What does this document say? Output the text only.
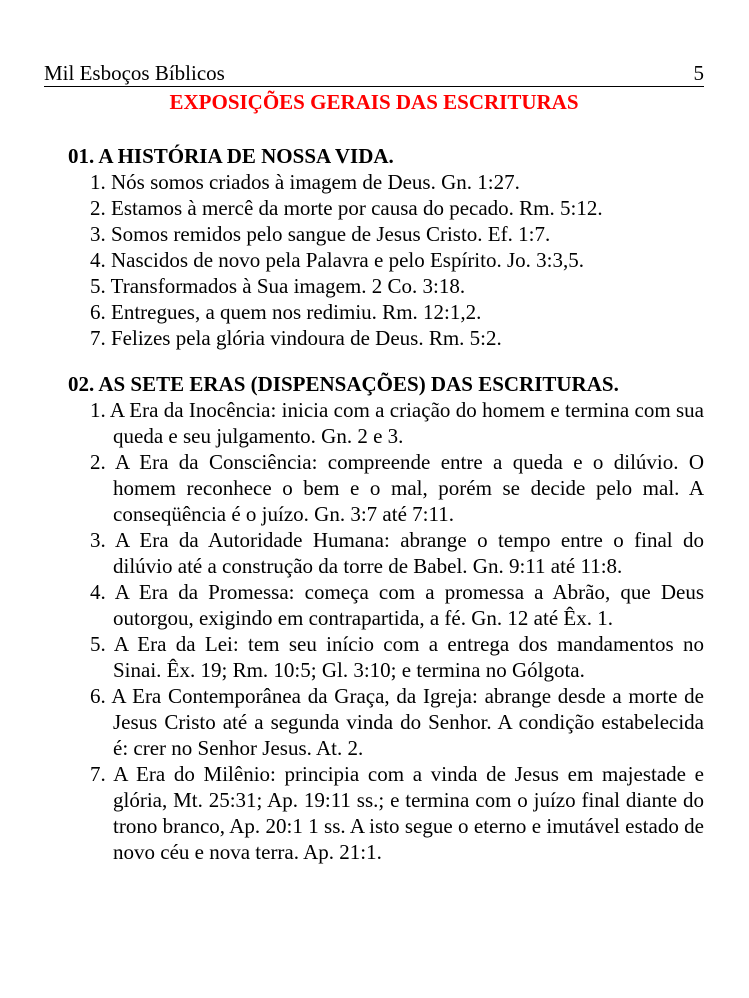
Mil Esboços Bíblicos	5
EXPOSIÇÕES GERAIS DAS ESCRITURAS
01. A HISTÓRIA DE NOSSA VIDA.
1. Nós somos criados à imagem de Deus. Gn. 1:27.
2. Estamos à mercê da morte por causa do pecado. Rm. 5:12.
3. Somos remidos pelo sangue de Jesus Cristo. Ef. 1:7.
4. Nascidos de novo pela Palavra e pelo Espírito. Jo. 3:3,5.
5. Transformados à Sua imagem. 2 Co. 3:18.
6. Entregues, a quem nos redimiu. Rm. 12:1,2.
7. Felizes pela glória vindoura de Deus. Rm. 5:2.
02. AS SETE ERAS (DISPENSAÇÕES) DAS ESCRITURAS.
1. A Era da Inocência: inicia com a criação do homem e termina com sua queda e seu julgamento. Gn. 2 e 3.
2. A Era da Consciência: compreende entre a queda e o dilúvio. O homem reconhece o bem e o mal, porém se decide pelo mal. A conseqüência é o juízo. Gn. 3:7 até 7:11.
3. A Era da Autoridade Humana: abrange o tempo entre o final do dilúvio até a construção da torre de Babel. Gn. 9:11 até 11:8.
4. A Era da Promessa: começa com a promessa a Abrão, que Deus outorgou, exigindo em contrapartida, a fé. Gn. 12 até Êx. 1.
5. A Era da Lei: tem seu início com a entrega dos mandamentos no Sinai. Êx. 19; Rm. 10:5; Gl. 3:10; e termina no Gólgota.
6. A Era Contemporânea da Graça, da Igreja: abrange desde a morte de Jesus Cristo até a segunda vinda do Senhor. A condição estabelecida é: crer no Senhor Jesus. At. 2.
7. A Era do Milênio: principia com a vinda de Jesus em majestade e glória, Mt. 25:31; Ap. 19:11 ss.; e termina com o juízo final diante do trono branco, Ap. 20:1 1 ss. A isto segue o eterno e imutável estado de novo céu e nova terra. Ap. 21:1.
